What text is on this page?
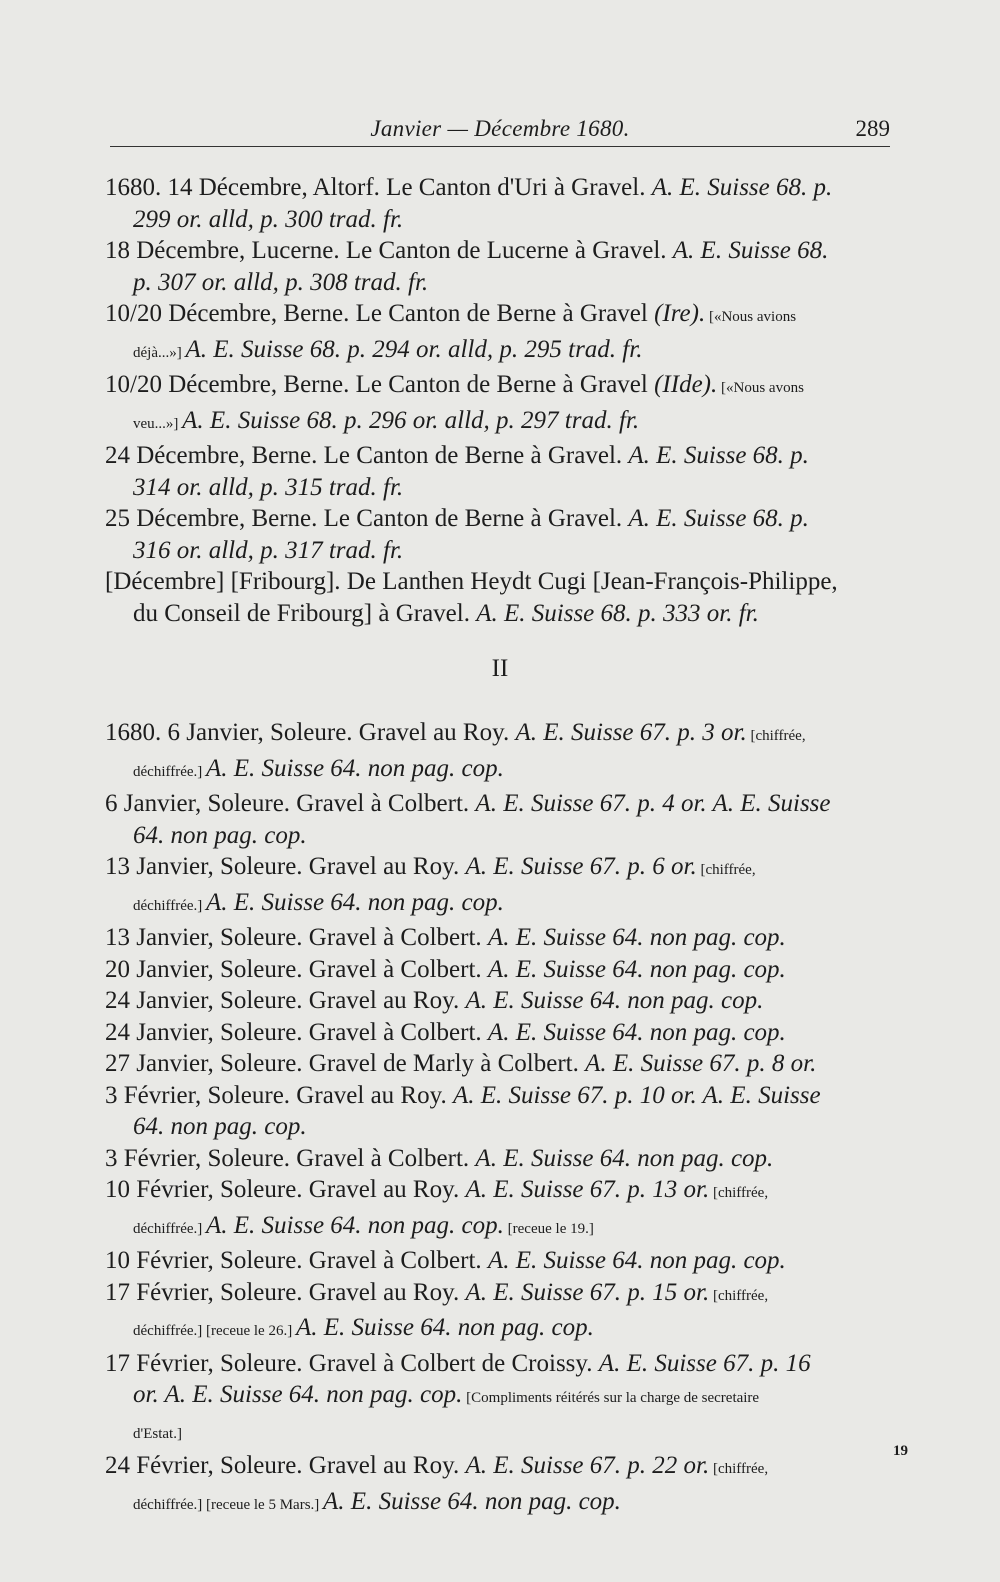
Janvier — Décembre 1680.	289
1680. 14 Décembre, Altorf. Le Canton d'Uri à Gravel. A. E. Suisse 68. p.
299 or. alld, p. 300 trad. fr.
18 Décembre, Lucerne. Le Canton de Lucerne à Gravel. A. E. Suisse 68.
p. 307 or. alld, p. 308 trad. fr.
10/20 Décembre, Berne. Le Canton de Berne à Gravel (Ire). [«Nous avions
déjà...»] A. E. Suisse 68. p. 294 or. alld, p. 295 trad. fr.
10/20 Décembre, Berne. Le Canton de Berne à Gravel (IIde). [«Nous avons
veu...»] A. E. Suisse 68. p. 296 or. alld, p. 297 trad. fr.
24 Décembre, Berne. Le Canton de Berne à Gravel. A. E. Suisse 68. p.
314 or. alld, p. 315 trad. fr.
25 Décembre, Berne. Le Canton de Berne à Gravel. A. E. Suisse 68. p.
316 or. alld, p. 317 trad. fr.
[Décembre] [Fribourg]. De Lanthen Heydt Cugi [Jean-François-Philippe,
du Conseil de Fribourg] à Gravel. A. E. Suisse 68. p. 333 or. fr.
II
1680. 6 Janvier, Soleure. Gravel au Roy. A. E. Suisse 67. p. 3 or. [chiffrée,
déchiffrée.] A. E. Suisse 64. non pag. cop.
6 Janvier, Soleure. Gravel à Colbert. A. E. Suisse 67. p. 4 or. A. E. Suisse
64. non pag. cop.
13 Janvier, Soleure. Gravel au Roy. A. E. Suisse 67. p. 6 or. [chiffrée,
déchiffrée.] A. E. Suisse 64. non pag. cop.
13 Janvier, Soleure. Gravel à Colbert. A. E. Suisse 64. non pag. cop.
20 Janvier, Soleure. Gravel à Colbert. A. E. Suisse 64. non pag. cop.
24 Janvier, Soleure. Gravel au Roy. A. E. Suisse 64. non pag. cop.
24 Janvier, Soleure. Gravel à Colbert. A. E. Suisse 64. non pag. cop.
27 Janvier, Soleure. Gravel de Marly à Colbert. A. E. Suisse 67. p. 8 or.
3 Février, Soleure. Gravel au Roy. A. E. Suisse 67. p. 10 or. A. E. Suisse
64. non pag. cop.
3 Février, Soleure. Gravel à Colbert. A. E. Suisse 64. non pag. cop.
10 Février, Soleure. Gravel au Roy. A. E. Suisse 67. p. 13 or. [chiffrée,
déchiffrée.] A. E. Suisse 64. non pag. cop. [receue le 19.]
10 Février, Soleure. Gravel à Colbert. A. E. Suisse 64. non pag. cop.
17 Février, Soleure. Gravel au Roy. A. E. Suisse 67. p. 15 or. [chiffrée,
déchiffrée.] [receue le 26.] A. E. Suisse 64. non pag. cop.
17 Février, Soleure. Gravel à Colbert de Croissy. A. E. Suisse 67. p. 16
or. A. E. Suisse 64. non pag. cop. [Compliments réitérés sur la charge de secretaire
d'Estat.]
24 Février, Soleure. Gravel au Roy. A. E. Suisse 67. p. 22 or. [chiffrée,
déchiffrée.] [receue le 5 Mars.] A. E. Suisse 64. non pag. cop.
19
